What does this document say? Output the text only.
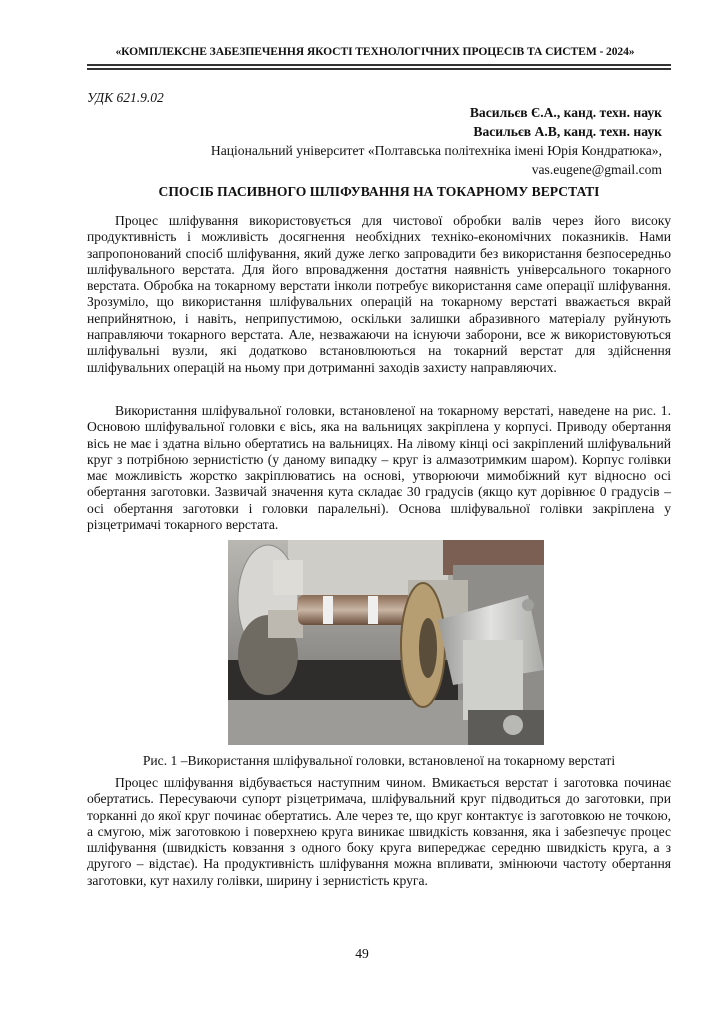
«КОМПЛЕКСНЕ ЗАБЕЗПЕЧЕННЯ ЯКОСТІ ТЕХНОЛОГІЧНИХ ПРОЦЕСІВ ТА СИСТЕМ - 2024»
УДК 621.9.02
Васильєв Є.А., канд. техн. наук
Васильєв А.В, канд. техн. наук
Національний університет «Полтавська політехніка імені Юрія Кондратюка»,
vas.eugene@gmail.com
СПОСІБ ПАСИВНОГО ШЛІФУВАННЯ НА ТОКАРНОМУ ВЕРСТАТІ
Процес шліфування використовується для чистової обробки валів через його високу продуктивність і можливість досягнення необхідних техніко-економічних показників. Нами запропонований спосіб шліфування, який дуже легко запровадити без використання безпосередньо шліфувального верстата. Для його впровадження достатня наявність універсального токарного верстата. Обробка на токарному верстати інколи потребує використання саме операції шліфування. Зрозуміло, що використання шліфувальних операцій на токарному верстаті вважається вкрай неприйнятною, і навіть, неприпустимою, оскільки залишки абразивного матеріалу руйнують направляючи токарного верстата. Але, незважаючи на існуючи заборони, все ж використовуються шліфувальні вузли, які додатково встановлюються на токарний верстат для здійснення шліфувальних операцій на ньому при дотриманні заходів захисту направляючих.
Використання шліфувальної головки, встановленої на токарному верстаті, наведене на рис. 1. Основою шліфувальної головки є вісь, яка на вальницях закріплена у корпусі. Приводу обертання вісь не має і здатна вільно обертатись на вальницях. На лівому кінці осі закріплений шліфувальний круг з потрібною зернистістю (у даному випадку – круг із алмазотримким шаром). Корпус голівки має можливість жорстко закріплюватись на основі, утворюючи мимобіжний кут відносно осі обертання заготовки. Зазвичай значення кута складає 30 градусів (якщо кут дорівнює 0 градусів – осі обертання заготовки і головки паралельні). Основа шліфувальної голівки закріплена у різцетримачі токарного верстата.
Рис. 1 –Використання шліфувальної головки, встановленої на токарному верстаті
Процес шліфування відбувається наступним чином. Вмикається верстат і заготовка починає обертатись. Пересуваючи супорт різцетримача, шліфувальний круг підводиться до заготовки, при торканні до якої круг починає обертатись. Але через те, що круг контактує із заготовкою не точкою, а смугою, між заготовкою і поверхнею круга виникає швидкість ковзання, яка і забезпечує процес шліфування (швидкість ковзання з одного боку круга випереджає середню швидкість круга, а з другого – відстає). На продуктивність шліфування можна впливати, змінюючи частоту обертання заготовки, кут нахилу голівки, ширину і зернистість круга.
49
